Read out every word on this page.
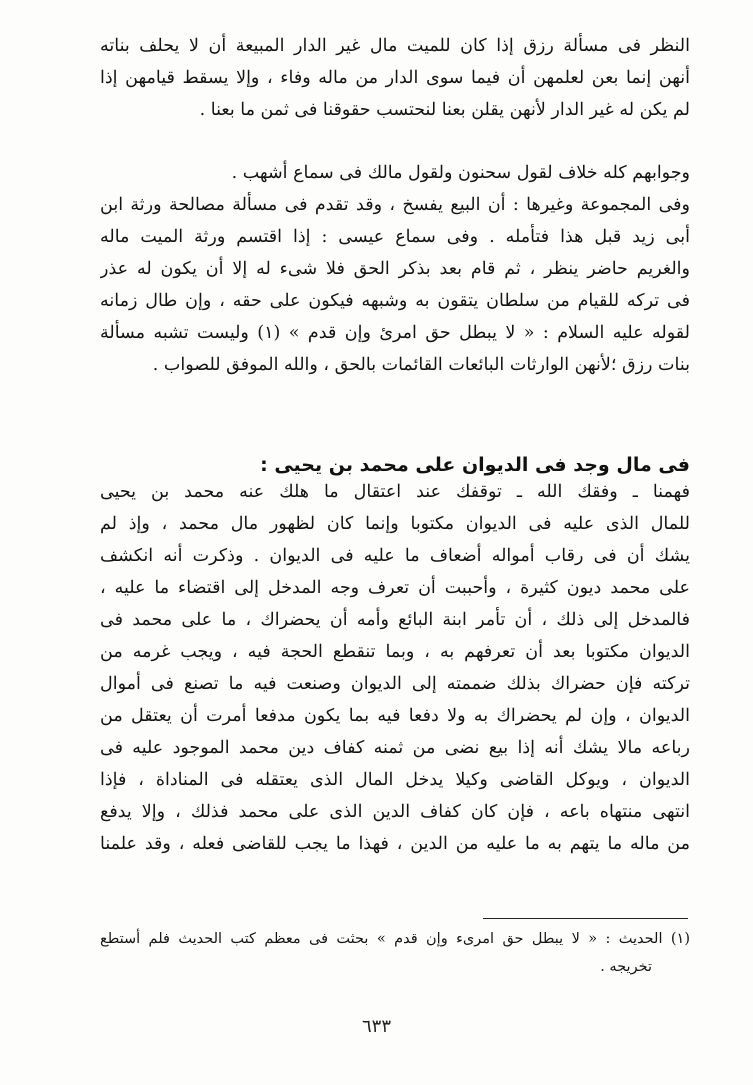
النظر فى مسألة رزق إذا كان للميت مال غير الدار المبيعة أن لا يحلف بناته
أنهن إنما بعن لعلمهن أن فيما سوى الدار من ماله وفاء ، وإلا يسقط قيامهن إذا
لم يكن له غير الدار لأنهن يقلن بعنا لنحتسب حقوقنا فى ثمن ما بعنا .
وجوابهم كله خلاف لقول سحنون ولقول مالك فى سماع أشهب .
وفى المجموعة وغيرها : أن البيع يفسخ ، وقد تقدم فى مسألة مصالحة ورثة ابن
أبى زيد قبل هذا فتأمله . وفى سماع عيسى : إذا اقتسم ورثة الميت ماله
والغريم حاضر ينظر ، ثم قام بعد بذكر الحق فلا شىء له إلا أن يكون له عذر
فى تركه للقيام من سلطان يتقون به وشبهه فيكون على حقه ، وإن طال زمانه
لقوله عليه السلام : « لا يبطل حق امرئ وإن قدم » (١) وليست تشبه مسألة
بنات رزق ؛لأنهن الوارثات البائعات القائمات بالحق ، والله الموفق للصواب .
فى مال وجد فى الديوان على محمد بن يحيى :
فهمنا ـ وفقك الله ـ توقفك عند اعتقال ما هلك عنه محمد بن يحيى
للمال الذى عليه فى الديوان مكتوبا وإنما كان لظهور مال محمد ، وإذ لم
يشك أن فى رقاب أمواله أضعاف ما عليه فى الديوان . وذكرت أنه انكشف
على محمد ديون كثيرة ، وأحببت أن تعرف وجه المدخل إلى اقتضاء ما عليه ،
فالمدخل إلى ذلك ، أن تأمر ابنة البائع وأمه أن يحضراك ، ما على محمد فى
الديوان مكتوبا بعد أن تعرفهم به ، وبما تنقطع الحجة فيه ، ويجب غرمه من
تركته فإن حضراك بذلك ضممته إلى الديوان وصنعت فيه ما تصنع فى أموال
الديوان ، وإن لم يحضراك به ولا دفعا فيه بما يكون مدفعا أمرت أن يعتقل من
رباعه مالا يشك أنه إذا بيع نضى من ثمنه كفاف دين محمد الموجود عليه فى
الديوان ، ويوكل القاضى وكيلا يدخل المال الذى يعتقله فى المناداة ، فإذا
انتهى منتهاه باعه ، فإن كان كفاف الدين الذى على محمد فذلك ، وإلا يدفع
من ماله ما يتهم به ما عليه من الدين ، فهذا ما يجب للقاضى فعله ، وقد علمنا
(١) الحديث : « لا يبطل حق امرىء وإن قدم » بحثت فى معظم كتب الحديث فلم أستطع
تخريجه .
٦٣٣
